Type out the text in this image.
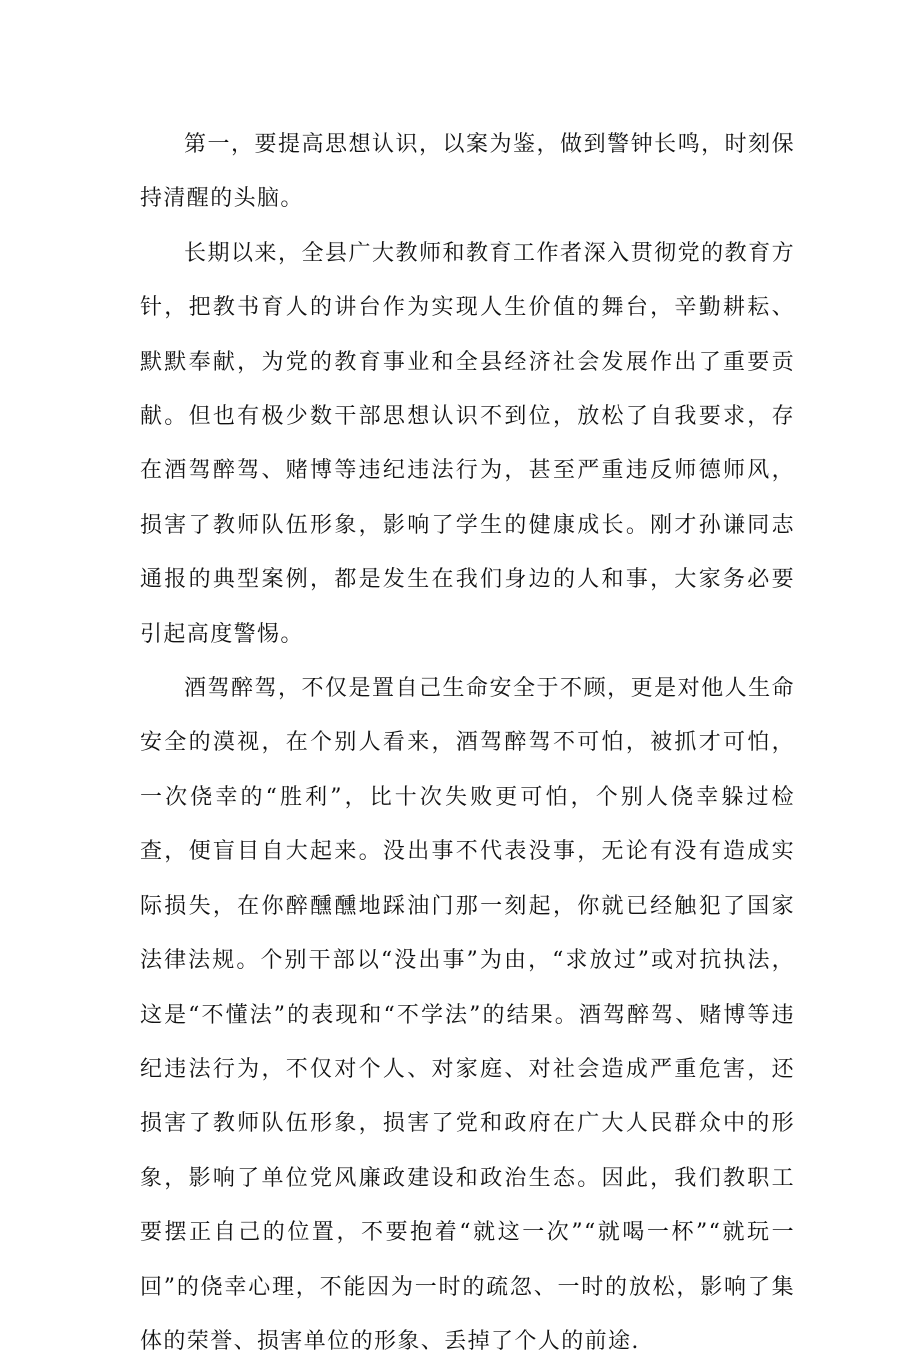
第一，要提高思想认识，以案为鉴，做到警钟长鸣，时刻保持清醒的头脑。

长期以来，全县广大教师和教育工作者深入贯彻党的教育方针，把教书育人的讲台作为实现人生价值的舞台，辛勤耕耘、默默奉献，为党的教育事业和全县经济社会发展作出了重要贡献。但也有极少数干部思想认识不到位，放松了自我要求，存在酒驾醉驾、赌博等违纪违法行为，甚至严重违反师德师风，损害了教师队伍形象，影响了学生的健康成长。刚才孙谦同志通报的典型案例，都是发生在我们身边的人和事，大家务必要引起高度警惕。

酒驾醉驾，不仅是置自己生命安全于不顾，更是对他人生命安全的漠视，在个别人看来，酒驾醉驾不可怕，被抓才可怕，一次侥幸的“胜利”，比十次失败更可怕，个别人侥幸躲过检查，便盲目自大起来。没出事不代表没事，无论有没有造成实际损失，在你醉醺醺地踩油门那一刻起，你就已经触犯了国家法律法规。个别干部以“没出事”为由，“求放过”或对抗执法，这是“不懂法”的表现和“不学法”的结果。酒驾醉驾、赌博等违纪违法行为，不仅对个人、对家庭、对社会造成严重危害，还损害了教师队伍形象，损害了党和政府在广大人民群众中的形象，影响了单位党风廉政建设和政治生态。因此，我们教职工要摆正自己的位置，不要抱着“就这一次”“就喝一杯”“就玩一回”的侥幸心理，不能因为一时的疏忽、一时的放松，影响了集体的荣誉、损害单位的形象、丢掉了个人的前途.
